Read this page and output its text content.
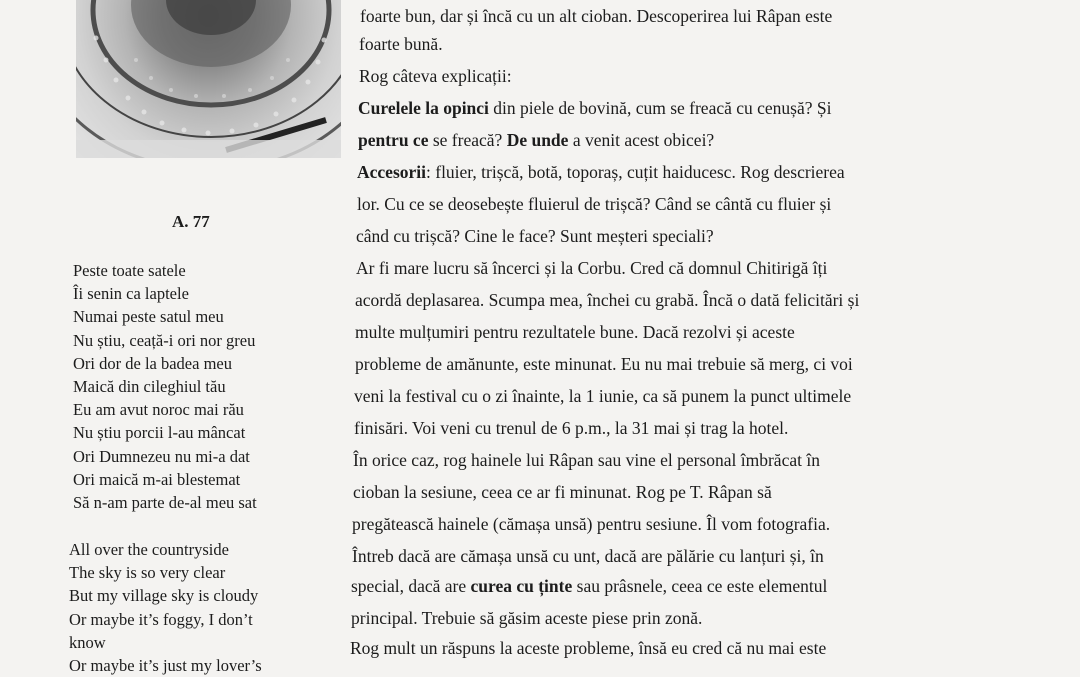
A. 77
Peste toate satele
Îi senin ca laptele
Numai peste satul meu
Nu știu, ceață-i ori nor greu
Ori dor de la badea meu
Maică din cileghiul tău
Eu am avut noroc mai rău
Nu știu porcii l-au mâncat
Ori Dumnezeu nu mi-a dat
Ori maică m-ai blestemat
Să n-am parte de-al meu sat
All over the countryside
The sky is so very clear
But my village sky is cloudy
Or maybe it’s foggy, I don’t
know
Or maybe it’s just my lover’s
foarte bun, dar și încă cu un alt cioban. Descoperirea lui Râpan este
foarte bună.
Rog câteva explicații:
Curelele la opinci din piele de bovină, cum se freacă cu cenușă? Și
pentru ce se freacă? De unde a venit acest obicei?
Accesorii: fluier, trișcă, botă, toporaș, cuțit haiducesc. Rog descrierea
lor. Cu ce se deosebește fluierul de trișcă? Când se cântă cu fluier și
când cu trișcă? Cine le face? Sunt meșteri speciali?
Ar fi mare lucru să încerci și la Corbu. Cred că domnul Chitirigă îți
acordă deplasarea. Scumpa mea, închei cu grabă. Încă o dată felicitări și
multe mulțumiri pentru rezultatele bune. Dacă rezolvi și aceste
probleme de amănunte, este minunat. Eu nu mai trebuie să merg, ci voi
veni la festival cu o zi înainte, la 1 iunie, ca să punem la punct ultimele
finisări. Voi veni cu trenul de 6 p.m., la 31 mai și trag la hotel.
În orice caz, rog hainele lui Râpan sau vine el personal îmbrăcat în
cioban la sesiune, ceea ce ar fi minunat. Rog pe T. Râpan să
pregătească hainele (cămașa unsă) pentru sesiune. Îl vom fotografia.
Întreb dacă are cămașa unsă cu unt, dacă are pălărie cu lanțuri și, în
special, dacă are curea cu ținte sau prâsnele, ceea ce este elementul
principal. Trebuie să găsim aceste piese prin zonă.
Rog mult un răspuns la aceste probleme, însă eu cred că nu mai este
